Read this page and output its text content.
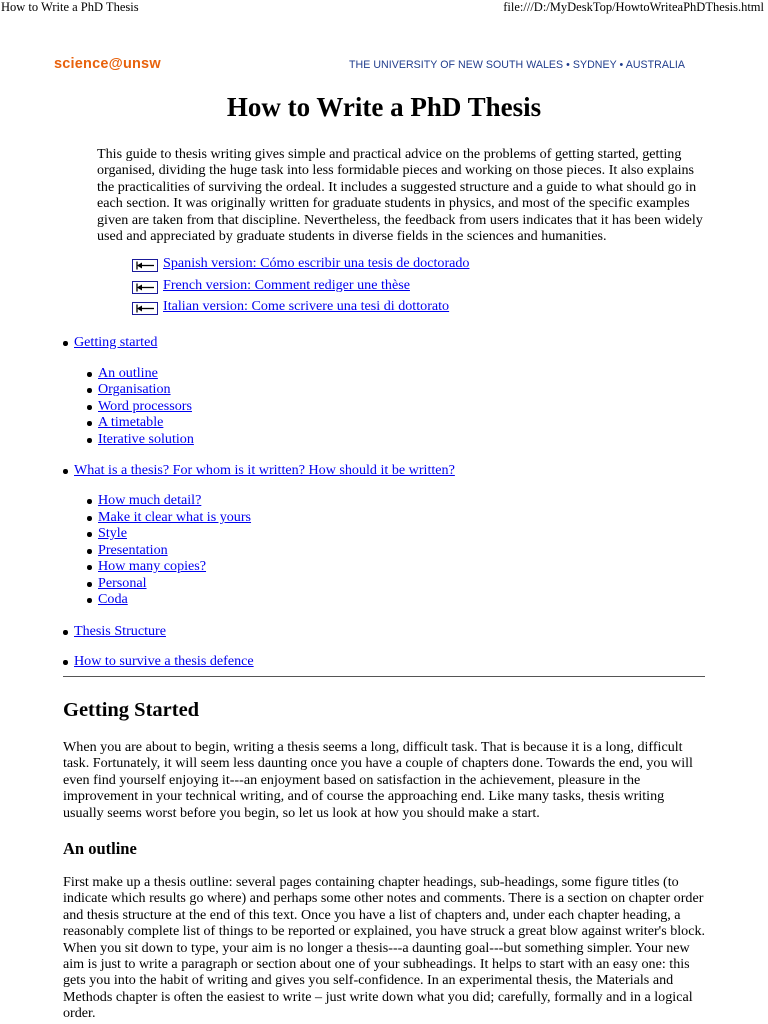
How to Write a PhD Thesis	file:///D:/MyDeskTop/HowtoWriteaPhDThesis.html
science@unsw	THE UNIVERSITY OF NEW SOUTH WALES • SYDNEY • AUSTRALIA
How to Write a PhD Thesis

This guide to thesis writing gives simple and practical advice on the problems of getting started, getting organised, dividing the huge task into less formidable pieces and working on those pieces. It also explains the practicalities of surviving the ordeal. It includes a suggested structure and a guide to what should go in each section. It was originally written for graduate students in physics, and most of the specific examples given are taken from that discipline. Nevertheless, the feedback from users indicates that it has been widely used and appreciated by graduate students in diverse fields in the sciences and humanities.

Spanish version: Cómo escribir una tesis de doctorado
French version: Comment rediger une thèse
Italian version: Come scrivere una tesi di dottorato
Getting started
An outline
Organisation
Word processors
A timetable
Iterative solution
What is a thesis? For whom is it written? How should it be written?
How much detail?
Make it clear what is yours
Style
Presentation
How many copies?
Personal
Coda
Thesis Structure
How to survive a thesis defence
Getting Started

When you are about to begin, writing a thesis seems a long, difficult task. That is because it is a long, difficult task. Fortunately, it will seem less daunting once you have a couple of chapters done. Towards the end, you will even find yourself enjoying it---an enjoyment based on satisfaction in the achievement, pleasure in the improvement in your technical writing, and of course the approaching end. Like many tasks, thesis writing usually seems worst before you begin, so let us look at how you should make a start.

An outline

First make up a thesis outline: several pages containing chapter headings, sub-headings, some figure titles (to indicate which results go where) and perhaps some other notes and comments. There is a section on chapter order and thesis structure at the end of this text. Once you have a list of chapters and, under each chapter heading, a reasonably complete list of things to be reported or explained, you have struck a great blow against writer's block. When you sit down to type, your aim is no longer a thesis---a daunting goal---but something simpler. Your new aim is just to write a paragraph or section about one of your subheadings. It helps to start with an easy one: this gets you into the habit of writing and gives you self-confidence. In an experimental thesis, the Materials and Methods chapter is often the easiest to write – just write down what you did; carefully, formally and in a logical order.
